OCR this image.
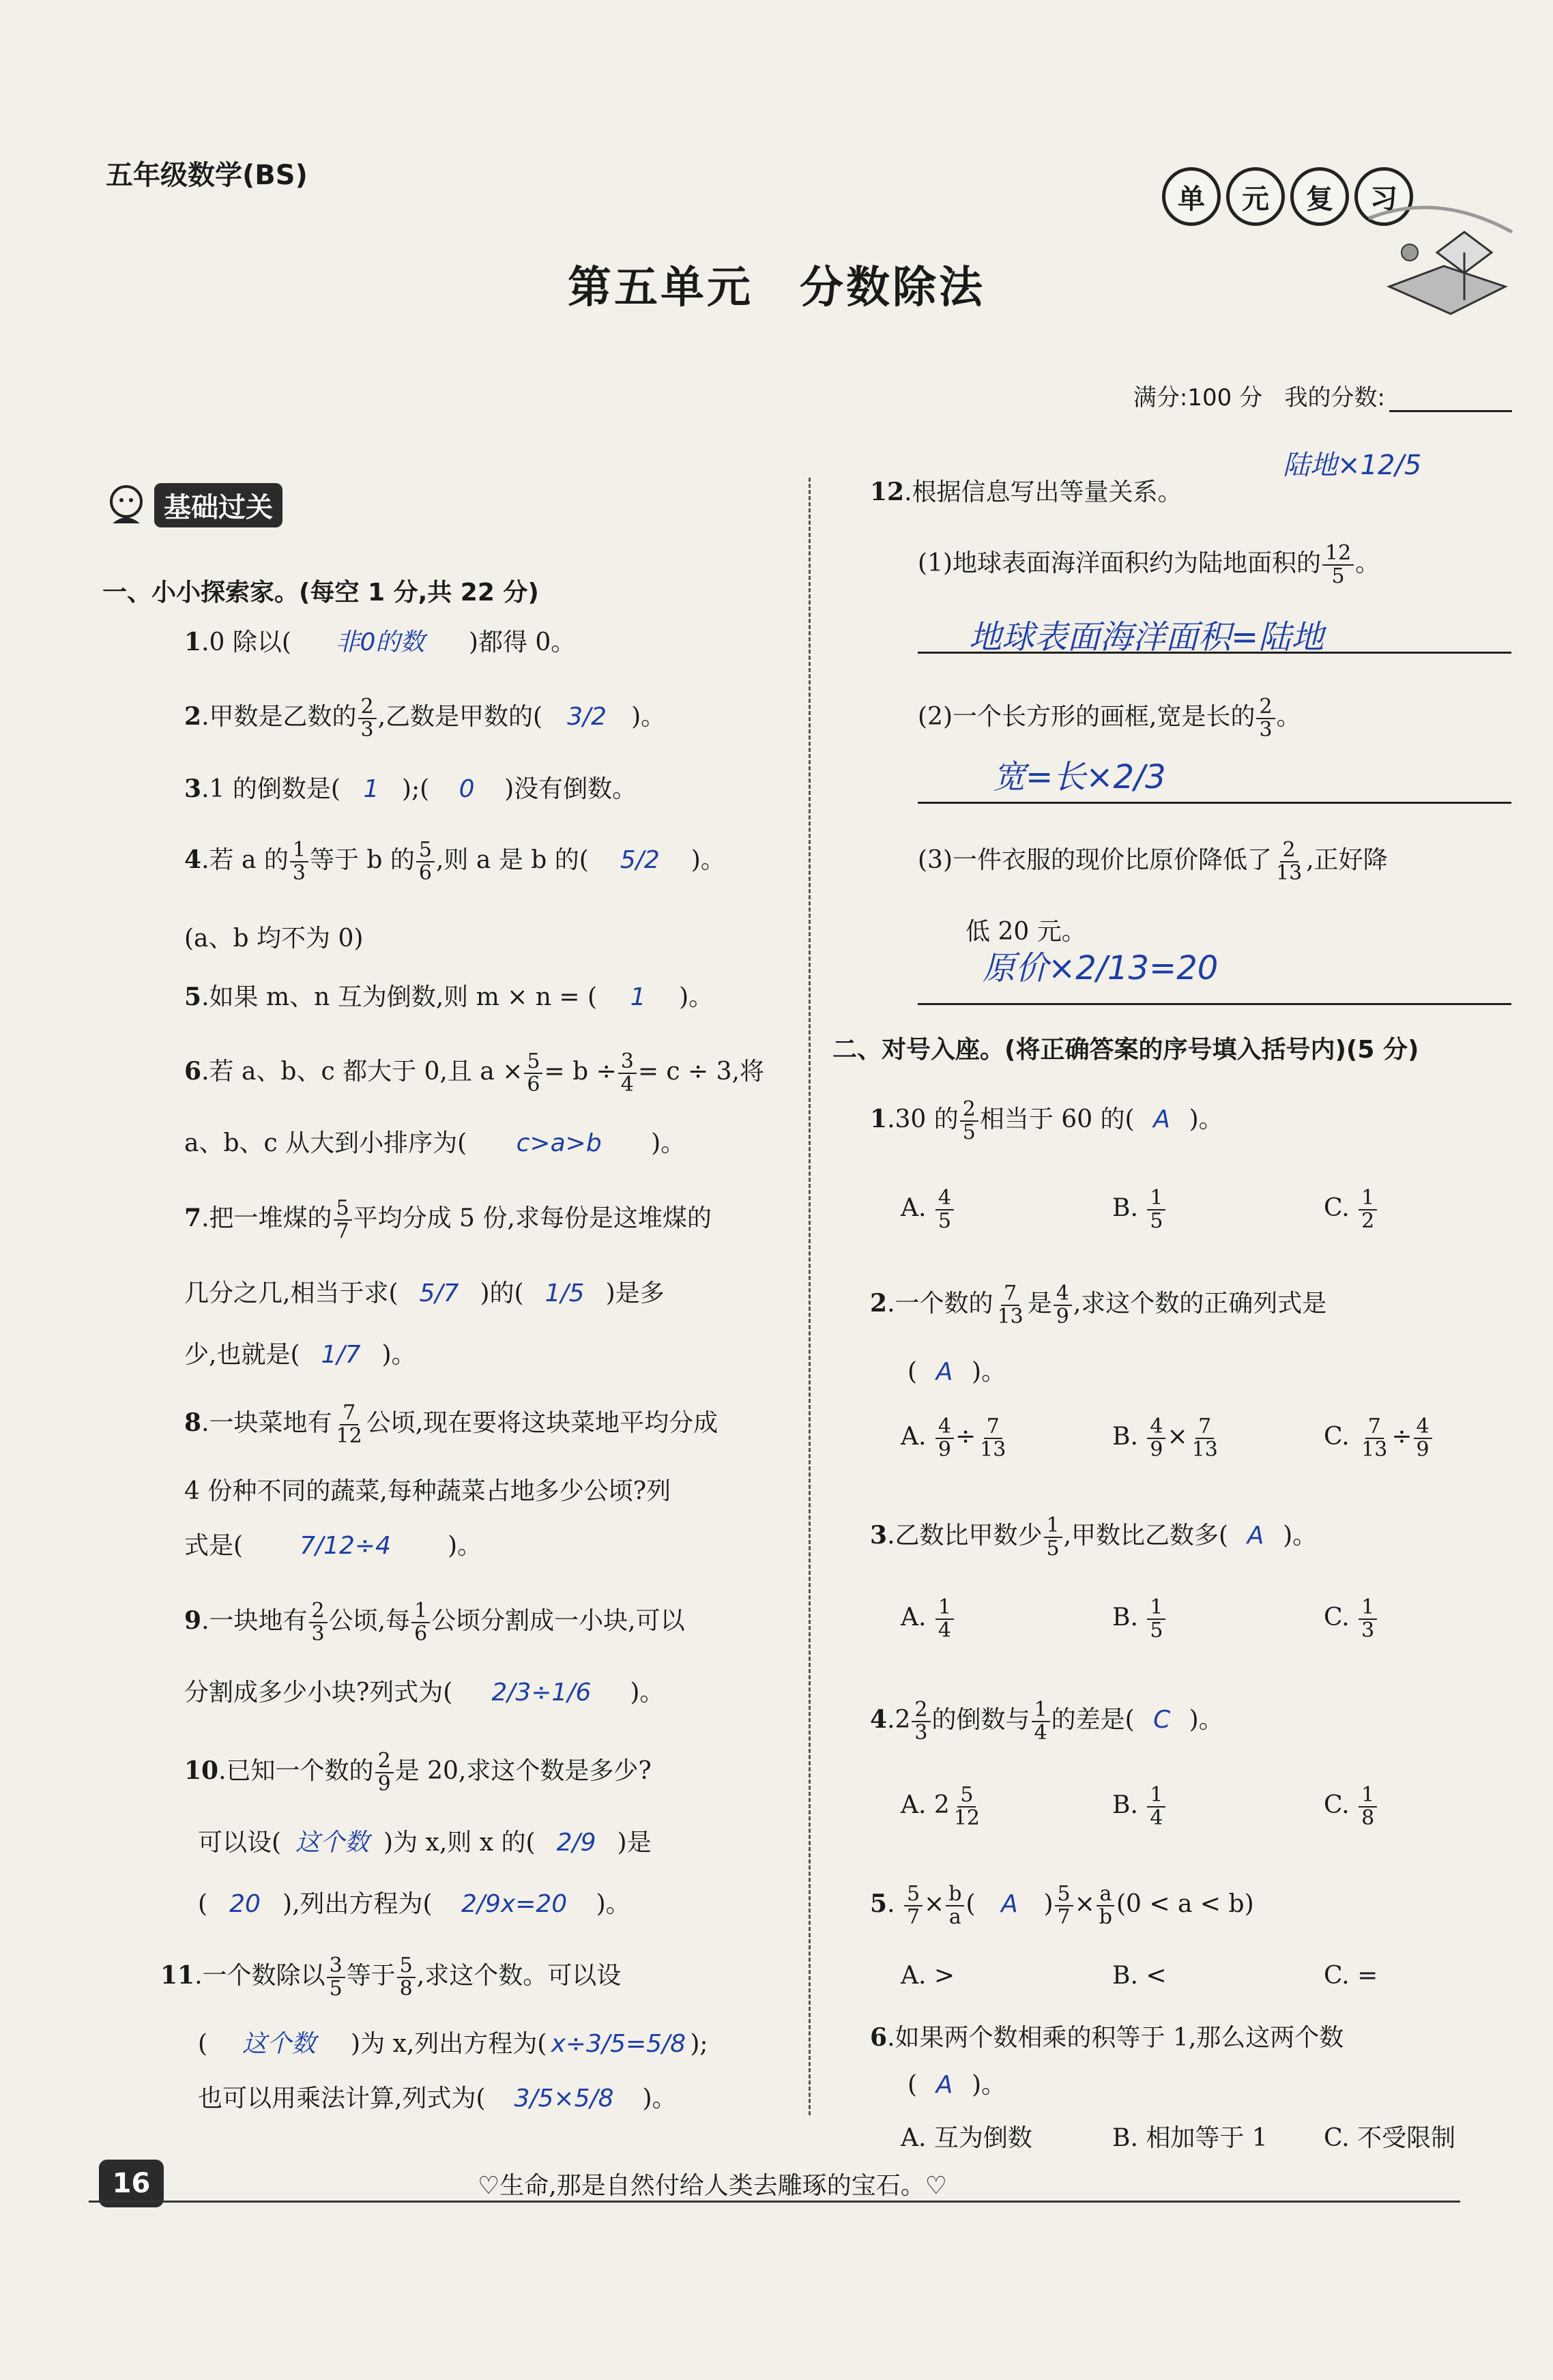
五年级数学(BS)
单	元	复	习
第五单元　分数除法
满分:100 分 我的分数:
基础过关
一、小小探索家。(每空 1 分,共 22 分)
1.0 除以( 非0的数 )都得 0。
2.甲数是乙数的 $\frac{2}{3}$ ,乙数是甲数的( 3/2 )。
3.1 的倒数是( 1 );( 0 )没有倒数。
4.若 a 的 $\frac{1}{3}$ 等于 b 的 $\frac{5}{6}$ ,则 a 是 b 的( 5/2 )。
(a、b 均不为 0)
5.如果 m、n 互为倒数,则 m × n = ( 1 )。
6.若 a、b、c 都大于 0,且 $a \times \frac{5}{6} = b \div \frac{3}{4} = c \div 3$,将
a、b、c 从大到小排序为( c>a>b )。
7.把一堆煤的 $\frac{5}{7}$ 平均分成 5 份,求每份是这堆煤的
几分之几,相当于求( 5/7 )的( 1/5 )是多
少,也就是( 1/7 )。
8.一块菜地有 $\frac{7}{12}$ 公顷,现在要将这块菜地平均分成
4 份种不同的蔬菜,每种蔬菜占地多少公顷?列
式是( 7/12÷4 )。
9.一块地有 $\frac{2}{3}$ 公顷,每 $\frac{1}{6}$ 公顷分割成一小块,可以
分割成多少小块?列式为( 2/3÷1/6 )。
10.已知一个数的 $\frac{2}{9}$ 是 20,求这个数是多少?
可以设( 这个数 )为 x,则 x 的( 2/9 )是
( 20 ),列出方程为( 2/9x=20 )。
11.一个数除以 $\frac{3}{5}$ 等于 $\frac{5}{8}$ ,求这个数。可以设
( 这个数 )为 x,列出方程为( x÷3/5=5/8 );
也可以用乘法计算,列式为( 3/5×5/8 )。
陆地×12/5
12.根据信息写出等量关系。
(1)地球表面海洋面积约为陆地面积的 $\frac{12}{5}$ 。
地球表面海洋面积=陆地
(2)一个长方形的画框,宽是长的 $\frac{2}{3}$ 。
宽=长×2/3
(3)一件衣服的现价比原价降低了 $\frac{2}{13}$ ,正好降
低 20 元。
原价×2/13=20
二、对号入座。(将正确答案的序号填入括号内)(5 分)
1.30 的 $\frac{2}{5}$ 相当于 60 的( A )。
A. $\frac{4}{5}$	B. $\frac{1}{5}$	C. $\frac{1}{2}$
2.一个数的 $\frac{7}{13}$ 是 $\frac{4}{9}$ ,求这个数的正确列式是
( A )。
A. $\frac{4}{9} \div \frac{7}{13}$	B. $\frac{4}{9} \times \frac{7}{13}$	C. $\frac{7}{13} \div \frac{4}{9}$
3.乙数比甲数少 $\frac{1}{5}$ ,甲数比乙数多( A )。
A. $\frac{1}{4}$	B. $\frac{1}{5}$	C. $\frac{1}{3}$
$4.2 \frac{2}{3}$ 的倒数与 $\frac{1}{4}$ 的差是( C )。
A. $2 \frac{5}{12}$	B. $\frac{1}{4}$	C. $\frac{1}{8}$
5. $\frac{5}{7} \times \frac{b}{a}$ ( A ) $\frac{5}{7} \times \frac{a}{b} (0 < a < b)$
A. >	B. <	C. =
6.如果两个数相乘的积等于 1,那么这两个数
( A )。
A. 互为倒数	B. 相加等于 1 C. 不受限制
16	♡生命,那是自然付给人类去雕琢的宝石。♡
